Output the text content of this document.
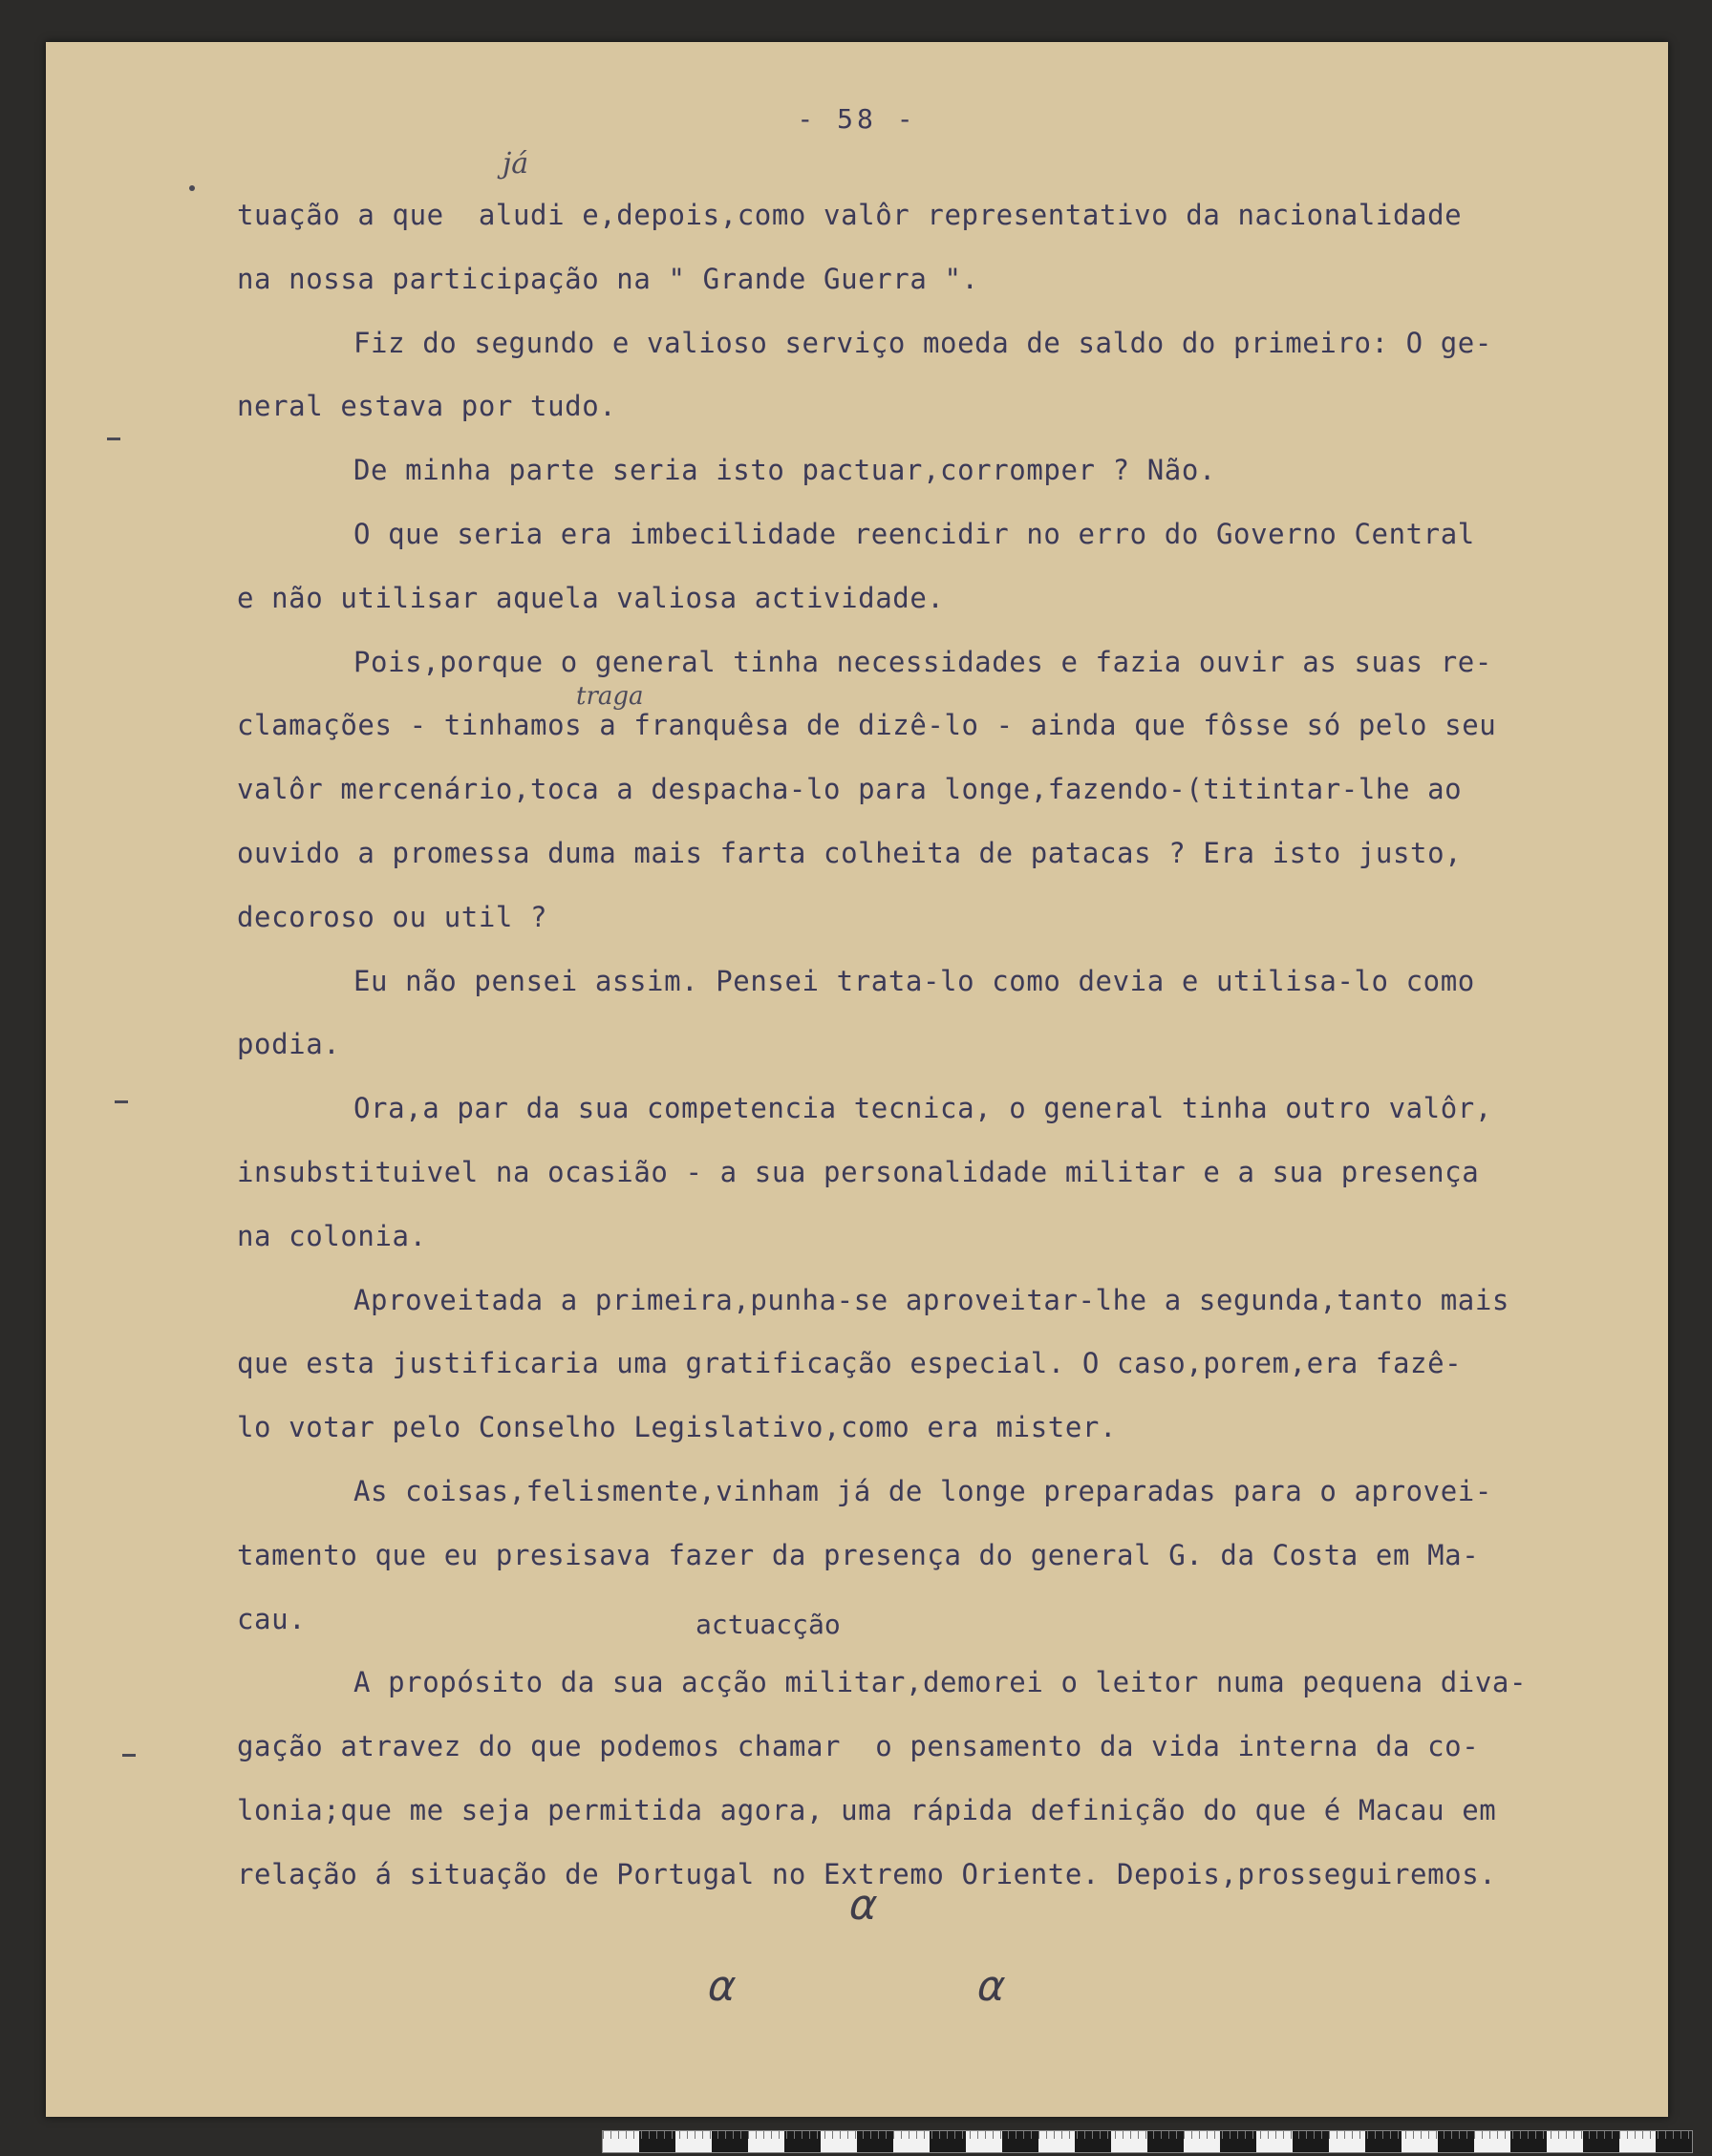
- 58 -
tuação a que  aludi e,depois,como valôr representativo da nacionalidade
na nossa participação na " Grande Guerra ".
Fiz do segundo e valioso serviço moeda de saldo do primeiro: O ge-
neral estava por tudo.
De minha parte seria isto pactuar,corromper ? Não.
O que seria era imbecilidade reencidir no erro do Governo Central
e não utilisar aquela valiosa actividade.
Pois,porque o general tinha necessidades e fazia ouvir as suas re-
clamações - tinhamos a franquêsa de dizê-lo - ainda que fôsse só pelo seu
valôr mercenário,toca a despacha-lo para longe,fazendo-(titintar-lhe ao
ouvido a promessa duma mais farta colheita de patacas ? Era isto justo,
decoroso ou util ?
Eu não pensei assim. Pensei trata-lo como devia e utilisa-lo como
podia.
Ora,a par da sua competencia tecnica, o general tinha outro valôr,
insubstituivel na ocasião - a sua personalidade militar e a sua presença
na colonia.
Aproveitada a primeira,punha-se aproveitar-lhe a segunda,tanto mais
que esta justificaria uma gratificação especial. O caso,porem,era fazê-
lo votar pelo Conselho Legislativo,como era mister.
As coisas,felismente,vinham já de longe preparadas para o aprovei-
tamento que eu presisava fazer da presença do general G. da Costa em Ma-
cau.
A propósito da sua acção militar,demorei o leitor numa pequena diva-
gação atravez do que podemos chamar  o pensamento da vida interna da co-
lonia;que me seja permitida agora, uma rápida definição do que é Macau em
relação á situação de Portugal no Extremo Oriente. Depois,prosseguiremos.
já
traga
actuacção
⍺
⍺	⍺
